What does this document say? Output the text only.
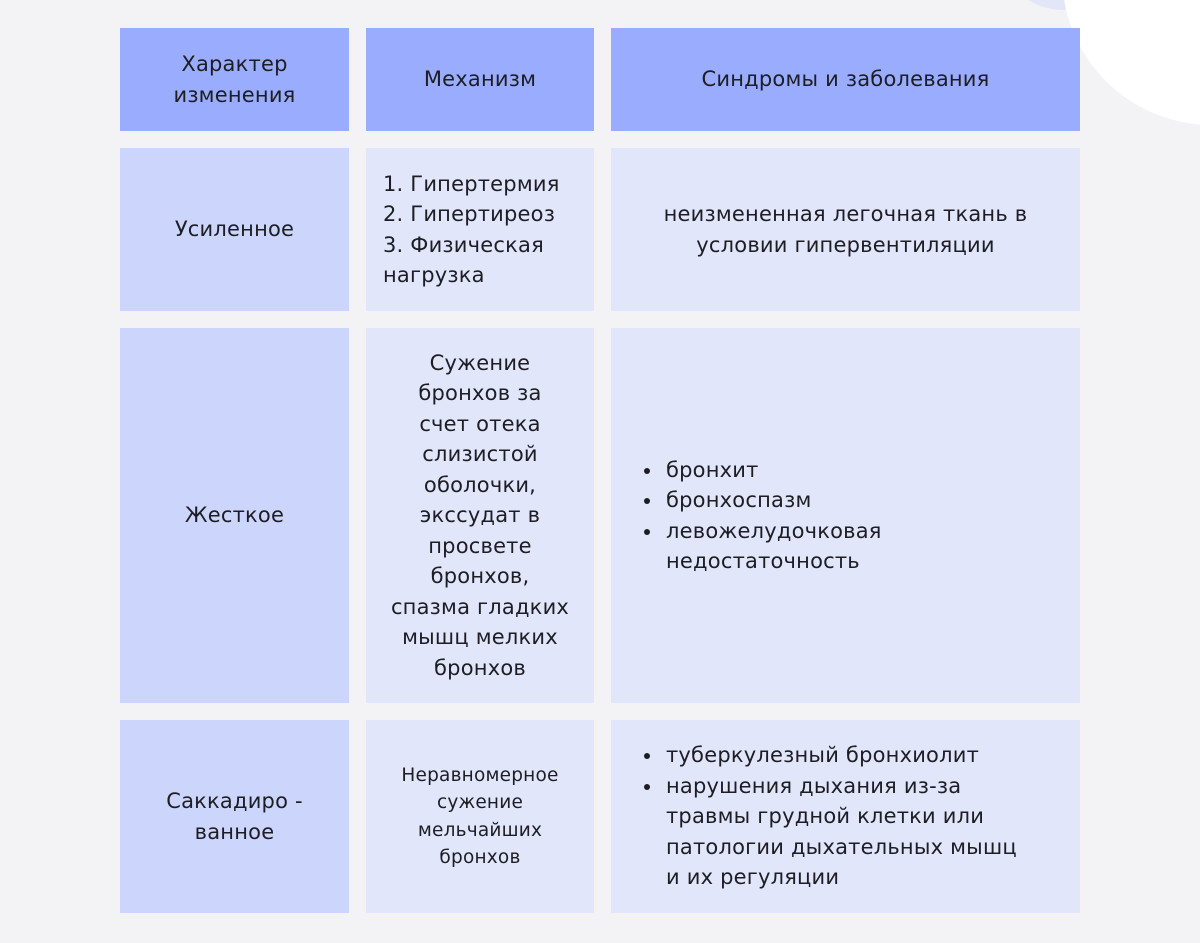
Характер
изменения
Механизм	Синдромы и заболевания
Усиленное
1. Гипертермия
2. Гипертиреоз
3. Физическая
нагрузка
неизмененная легочная ткань в
условии гипервентиляции
Жесткое
Сужение
бронхов за
счет отека
слизистой
оболочки,
экссудат в
просвете
бронхов,
спазма гладких
мышц мелких
бронхов
бронхит
бронхоспазм
левожелудочковая
недостаточность
Саккадиро -
ванное
Неравномерное
сужение
мельчайших
бронхов
туберкулезный бронхиолит
нарушения дыхания из-за
травмы грудной клетки или
патологии дыхательных мышц
и их регуляции
